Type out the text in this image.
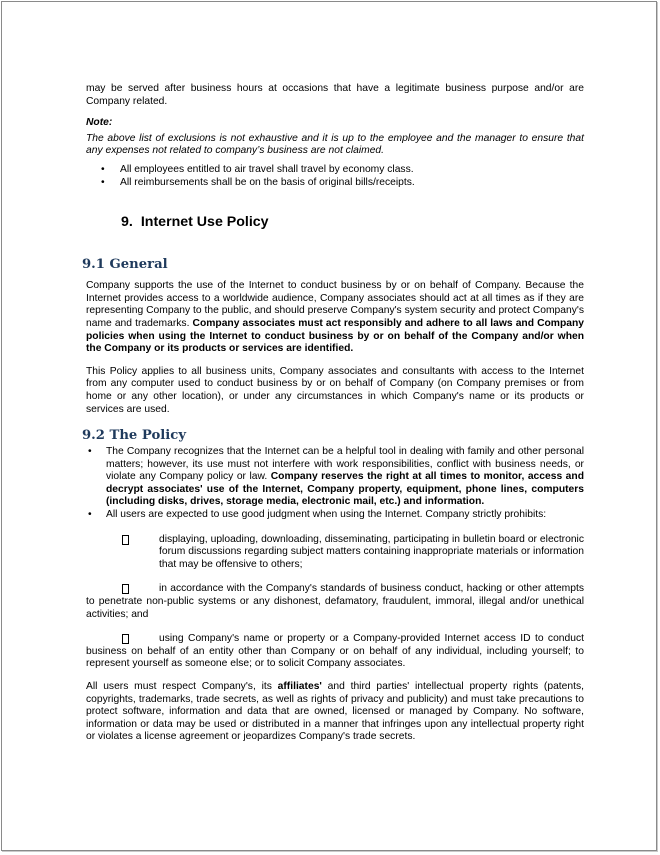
may be served after business hours at occasions that have a legitimate business purpose and/or are Company related.

Note:

The above list of exclusions is not exhaustive and it is up to the employee and the manager to ensure that any expenses not related to company’s business are not claimed.

• All employees entitled to air travel shall travel by economy class.
• All reimbursements shall be on the basis of original bills/receipts.
9. Internet Use Policy
9.1 General

Company supports the use of the Internet to conduct business by or on behalf of Company. Because the Internet provides access to a worldwide audience, Company associates should act at all times as if they are representing Company to the public, and should preserve Company's system security and protect Company's name and trademarks. Company associates must act responsibly and adhere to all laws and Company policies when using the Internet to conduct business by or on behalf of the Company and/or when the Company or its products or services are identified.

This Policy applies to all business units, Company associates and consultants with access to the Internet from any computer used to conduct business by or on behalf of Company (on Company premises or from home or any other location), or under any circumstances in which Company's name or its products or services are used.

9.2 The Policy
• The Company recognizes that the Internet can be a helpful tool in dealing with family and other personal matters; however, its use must not interfere with work responsibilities, conflict with business needs, or violate any Company policy or law. Company reserves the right at all times to monitor, access and decrypt associates' use of the Internet, Company property, equipment, phone lines, computers (including disks, drives, storage media, electronic mail, etc.) and information.
• All users are expected to use good judgment when using the Internet. Company strictly prohibits:
displaying, uploading, downloading, disseminating, participating in bulletin board or electronic forum discussions regarding subject matters containing inappropriate materials or information that may be offensive to others;
in accordance with the Company's standards of business conduct, hacking or other attempts to penetrate non-public systems or any dishonest, defamatory, fraudulent, immoral, illegal and/or unethical activities; and
using Company's name or property or a Company-provided Internet access ID to conduct business on behalf of an entity other than Company or on behalf of any individual, including yourself; to represent yourself as someone else; or to solicit Company associates.

All users must respect Company's, its affiliates' and third parties' intellectual property rights (patents, copyrights, trademarks, trade secrets, as well as rights of privacy and publicity) and must take precautions to protect software, information and data that are owned, licensed or managed by Company. No software, information or data may be used or distributed in a manner that infringes upon any intellectual property right or violates a license agreement or jeopardizes Company's trade secrets.
